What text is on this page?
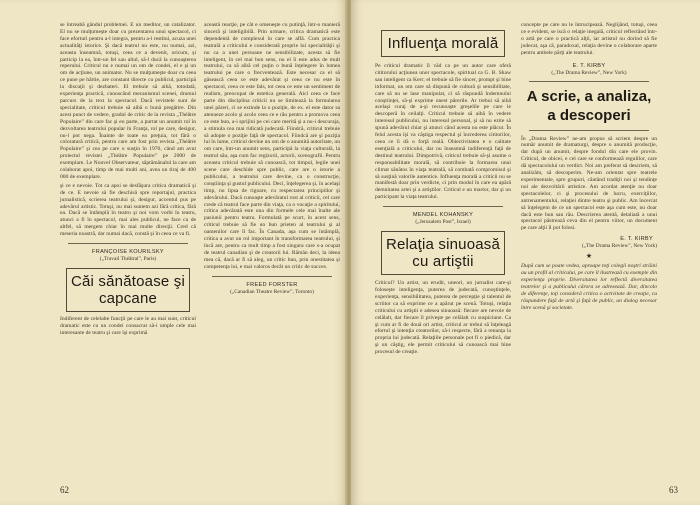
se întreabă gândul problemei. E un meditor, un catalizator. El nu se mulţumeşte doar cu prezentarea unui spectacol, ci face eforturi pentru a-l integra, pentru a-l restitui, acuza unei actualităţi istorice. Şi dacă teatrul nu este, nu numai, azi, aceasta înseamnă, totuşi, ceea ce a devenit, oricum, şi particip la ea, într-un fel sau altul, să-l ducă la cunoaşterea reperului. Criticul nu e numai un om de condei, el e şi un om de acţiune, un animator. Nu se mulţumeşte doar cu ceea ce pune pe hârtie, are constant directe cu publicul, participă la discuţii şi dezbateri. El trebuie să aibă, totodată, experienţa practică, cunoscând mecanismul scenei, drumul parcurs de la text la spectacol. Dacă revistele sunt de specialitate, criticul trebuie să aibă o bună pregătire. Din acest punct de vedere, gradul de critic de la revista „Théâtre Populaire” din care fac şi eu parte, a purtat un anumit rol în dezvoltarea teatrului popular în Franţa, rol pe care, desigur, nu-l pot nega. Înainte de toate ea preţuia, tot fără o coloratură critică, pentru care am fost prin revista „Théâtre Populaire” şi cea pe care o susţin în 1970, când am avut proiectul revistei „Théâtre Populaire” pe 2000 de exemplare. Le Nouvel Observateur, săptămânalul la care am colaborat apoi, timp de mai multi ani, avea un tiraj de 400 000 de exemplare.

şi ce e nevoie. Tot ca apoi se desfăşura critica dramatică şi de ce. E nevoie să fie deschisă spre reportajul, practica jurnalistică, scrierea teatrului şi, desigur, accentul pus pe adevărul artistic. Totuşi, nu mai suntem azi fără critica, fără ea. Dacă se întâmplă în teatru şi noi vom vorbi în teatru, atunci a fi în spectacol, mai ales publicul, ne face ca de altfel, să mergem chiar în mai multe direcţii. Cred că meseria noastră, dar numai dacă, constă şi în ceea ce va fi.

FRANÇOISE KOURILSKY

(„Travail Théâtral”, Paris)

Căi sănătoase şi capcane

Indiferent de celelalte funcţii pe care le au mai sunt, criticul dramatic este cu un condei consacrat să-i umple cele mai interesante de teatru şi care îşi exprimă

această reacţie, pe cât e omeneşte cu putinţă, într-o manieră sinceră şi inteligibilă. Prin urmare, critica dramatică este dependentă de complexul în care se află. Cum practica teatrală a criticului e considerată proprie lui specialităţii şi nu ca a unei persoane ne sensibilizate, acesta să fie inteligent, în cel mai bun sens, nu el îi este adus de mult teatrului, ca să aibă cel puţin o bună înţelegere în lumea teatrului pe care o frecventează. Este necesar ca el să găsească ceea ce este adevărat şi ceea ce nu este în spectacol, ceea ce este fals, tot ceea ce este un sentiment de realism, preocupat de estetica generală. Aici ceea ce face parte din disciplina criticii nu se limitează la formularea unei păreri, ci se extinde la o poziţie, de ex. el este dator sa atenueze acolo şi acolo ceea ce e rău pentru a promova ceea ce este bun, a-i sprijini pe cei care merită şi a nu-i descuraja, a stimula cea mai ridicată judecată. Fiindcă, criticul trebuie să adopte o poziţie faţă de spectacol. Fiindcă are şi poziţia lui în lume, criticul devine un om de o anumită autoritate, un om care, într-un anumit sens, participă la viaţa culturală, la teatrul său, aşa cum fac regizorii, actorii, scenografii. Pentru aceasta criticul trebuie să cunoască, tot timpul, legile unei scene care deschide spre public, care are o istorie a publicului, a teatrului care devine, ca o construcţie, conştiinţa şi gustul publicului. Deci, înţelegerea şi, în acelaşi timp, nu lipsa de rigoare, cu respectarea principiilor şi adevărului. Dacă cunoaşte adevăratul rost al criticii, cel care crede că teatrul face parte din viaţa, ca o vocaţie a spiritului, critica adevărată este una din formele cele mai înalte ale pasiunii pentru teatru. Formulată pe scurt, în acest sens, criticul trebuie să fie un bun prieten al teatrului şi al oamenilor care îl fac. În Canada, aşa cum se întâmplă, critica a avut un rol important în transformarea teatrului, şi încă are, pentru ca mult timp a fost singura care s-a ocupat de teatrul canadian şi de creatorii lui. Rămân deci, la ideea mea că, dacă ar fi să aleg, un critic bun, prin onestitatea şi competenţa lui, e mai valoros decât un critic de succes.

FREED FORSTER

(„Canadian Theatre Review”, Toronto)

62
Influenţa morală

Pe criticul dramatic îl văd ca pe un autor care oferă cititorului acţiunea unor spectacole, spiritual ca G. B. Shaw sau inteligent ca Kerr; el trebuie să fie sincer, prompt şi bine informat, un om care să dispună de cultură şi sensibilitate, care să nu se lase manipulat, ci să răspundă îndemnului conştiinţei, să-şi exprime onest părerile. Ar trebui să aibă acelaşi curaj de a-şi recunoaşte greşelile pe care le descoperă în ceilalţi. Criticul trebuie să aibă în vedere interesul publicului, nu interesul personal, şi să nu ezite să spună adevărul chiar şi atunci când acesta nu este plăcut. În felul acesta îşi va câştiga respectul şi încrederea cititorilor, ceea ce îi dă o forţă reală. Obiectivitatea e o calitate esenţială a criticului, dar nu înseamnă indiferenţă faţă de destinul teatrului. Dimpotrivă, criticul trebuie să-şi asume o responsabilitate morală, să contribuie la formarea unui climat sănătos în viaţa teatrală, să combată compromisul şi să susţină valorile autentice. Influenţa morală a criticii nu se manifestă doar prin verdicte, ci prin modul în care ea apără demnitatea artei şi a artiştilor. Criticul e un martor, dar şi un participant la viaţa teatrului.

MENDEL KOHANSKY

(„Jerusalem Post”, Israel)

Relaţia sinuoasă cu artiştii

Criticul? Un artist, un erudit, uneori, un jurnalist care-şi foloseşte inteligenţa, puterea de judecată, cunoştinţele, experienţa, sensibilitatea, puterea de percepţie şi talentul de scriitor ca să exprime ce a apărut pe scenă. Totuşi, relaţia criticului cu artiştii e adesea sinuoasă: fiecare are nevoie de celălalt, dar fiecare îl priveşte pe celălalt cu suspiciune. Ca şi cum ar fi de două ori artist, criticul ar trebui să înţeleagă efortul şi intenţia creatorilor, să-i respecte, fără a renunţa la propria lui judecată. Relaţiile personale pot fi o piedică, dar şi un câştig, ele permit criticului să cunoască mai bine procesul de creaţie.

concepte pe care nu le întrucipează. Neglijând, totuşi, ceea ce e evident, se iscă o relaţie inegală, criticul reflectând într-o artă pe care o practică alţii, iar artistul nu dorind să fie judecat, aşa că, paradoxal, relaţia devine o colaborare aparte pentru ambele părţi ale teatrului.

E. T. KIRBY

(„The Drama Review”, New York)

A scrie, a analiza, a descoperi

În „Drama Review” ne-am propus să scriem despre un număr anumit de dramaturgi, despre o anumită producţie, dar după un anumit, despre fondul din care ele provin. Criticul, de obicei, e cel care se conformează regulilor, care dă spectacolului un verdict. Noi am preferat să descriem, să analizăm, să descoperim. Ne-am orientat spre teatrele experimentale, spre grupuri, căutând tradiţii noi şi tendinţe noi ale dezvoltării artistice. Am acordat atenţie nu doar spectacolelor, ci şi procesului de lucru, exerciţiilor, antrenamentului, relaţiei dintre teatru şi public. Am încercat să înţelegem de ce un spectacol este aşa cum este, nu doar dacă este bun sau rău. Descrierea atentă, detaliată a unui spectacol păstrează ceva din el pentru viitor, un document pe care alţii îl pot folosi.

E. T. KIRBY

(„The Drama Review”, New York)

★

După cum se poate vedea, aproape toţi colegii noştri străini au un profil al criticului, pe care îl ilustrează cu exemple din experienţa proprie. Diversitatea lor reflectă diversitatea teatrelor şi a publicului cărora se adresează. Dar, dincolo de diferenţe, toţi consideră critica o activitate de creaţie, cu răspundere faţă de artă şi faţă de public, un dialog necesar între scenă şi societate.

63
